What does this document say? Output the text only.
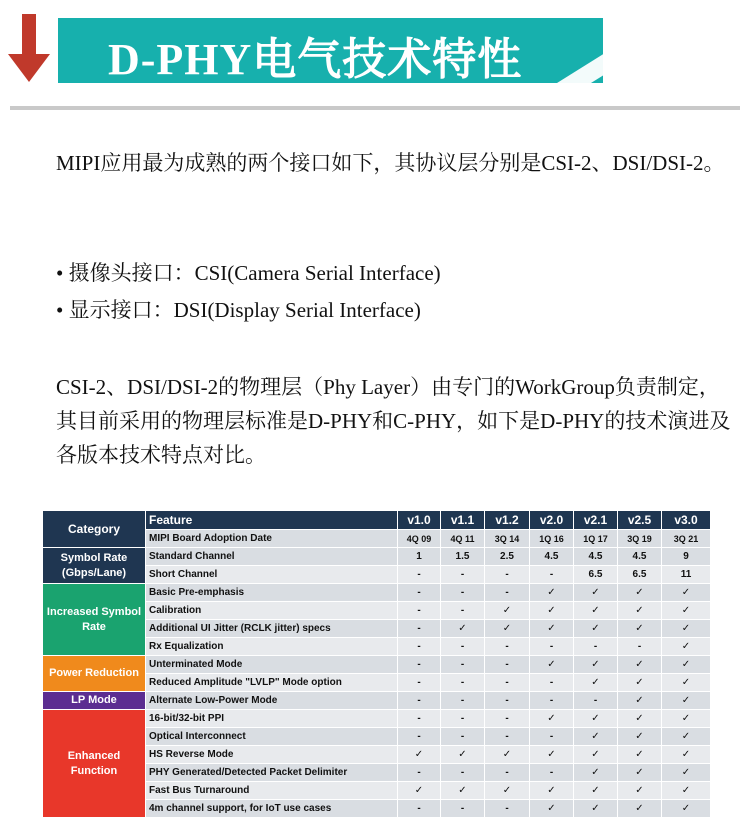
D-PHY电气技术特性
MIPI应用最为成熟的两个接口如下，其协议层分别是CSI-2、DSI/DSI-2。
• 摄像头接口：CSI(Camera Serial Interface)
• 显示接口：DSI(Display Serial Interface)
CSI-2、DSI/DSI-2的物理层（Phy Layer）由专门的WorkGroup负责制定，其目前采用的物理层标准是D-PHY和C-PHY，如下是D-PHY的技术演进及各版本技术特点对比。
Category	Feature	v1.0	v1.1	v1.2	v2.0	v2.1	v2.5	v3.0
	MIPI Board Adoption Date	4Q 09	4Q 11	3Q 14	1Q 16	1Q 17	3Q 19	3Q 21
Symbol Rate (Gbps/Lane)	Standard Channel	1	1.5	2.5	4.5	4.5	4.5	9
	Short Channel	-	-	-	-	6.5	6.5	11
Increased Symbol Rate	Basic Pre-emphasis	-	-	-	✓	✓	✓	✓
	Calibration	-	-	✓	✓	✓	✓	✓
	Additional UI Jitter (RCLK jitter) specs	-	✓	✓	✓	✓	✓	✓
	Rx Equalization	-	-	-	-	-	-	✓
Power Reduction	Unterminated Mode	-	-	-	✓	✓	✓	✓
	Reduced Amplitude "LVLP" Mode option	-	-	-	-	✓	✓	✓
LP Mode	Alternate Low-Power Mode	-	-	-	-	-	✓	✓
Enhanced Function	16-bit/32-bit PPI	-	-	-	✓	✓	✓	✓
	Optical Interconnect	-	-	-	-	✓	✓	✓
	HS Reverse Mode	✓	✓	✓	✓	✓	✓	✓
	PHY Generated/Detected Packet Delimiter	-	-	-	-	✓	✓	✓
	Fast Bus Turnaround	✓	✓	✓	✓	✓	✓	✓
	4m channel support, for IoT use cases	-	-	-	✓	✓	✓	✓
